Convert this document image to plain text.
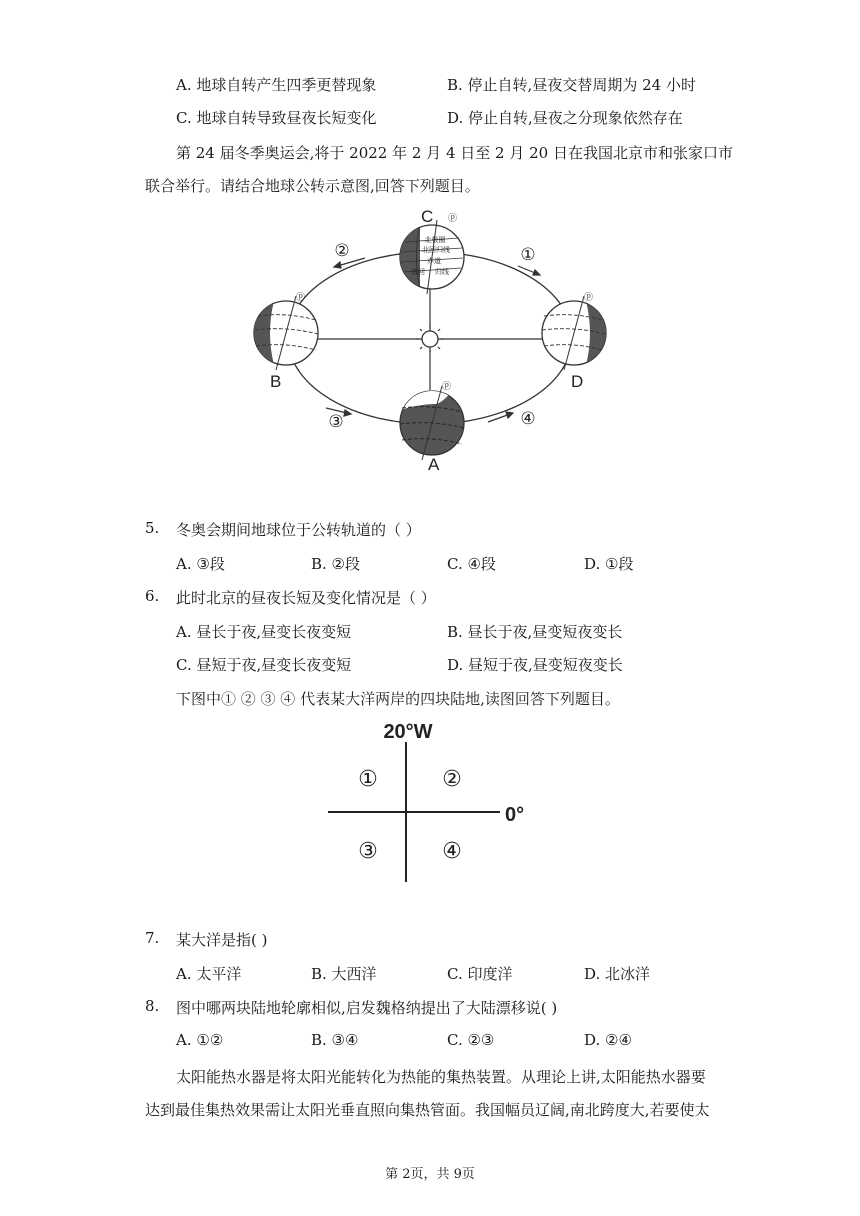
A. 地球自转产生四季更替现象	B. 停止自转,昼夜交替周期为 24 小时
C. 地球自转导致昼夜长短变化	D. 停止自转,昼夜之分现象依然存在
第 24 届冬季奥运会,将于 2022 年 2 月 4 日至 2 月 20 日在我国北京市和张家口市
联合举行。请结合地球公转示意图,回答下列题目。
北极圈
北回归线
赤道
南回 归线
ⓟ
ⓟ	ⓟ
ⓟ
C
B	D
A
②	①
③	④
5. 冬奥会期间地球位于公转轨道的（ ）
A. ③段	B. ②段	C. ④段	D. ①段
6. 此时北京的昼夜长短及变化情况是（ ）
A. 昼长于夜,昼变长夜变短	B. 昼长于夜,昼变短夜变长
C. 昼短于夜,昼变长夜变短	D. 昼短于夜,昼变短夜变长
下图中① ② ③ ④ 代表某大洋两岸的四块陆地,读图回答下列题目。
20°W
0°
①	②
③	④
7. 某大洋是指( )
A. 太平洋	B. 大西洋	C. 印度洋	D. 北冰洋
8. 图中哪两块陆地轮廓相似,启发魏格纳提出了大陆漂移说( )
A. ①②	B. ③④	C. ②③	D. ②④
太阳能热水器是将太阳光能转化为热能的集热装置。从理论上讲,太阳能热水器要
达到最佳集热效果需让太阳光垂直照向集热管面。我国幅员辽阔,南北跨度大,若要使太
第 2页，共 9页
